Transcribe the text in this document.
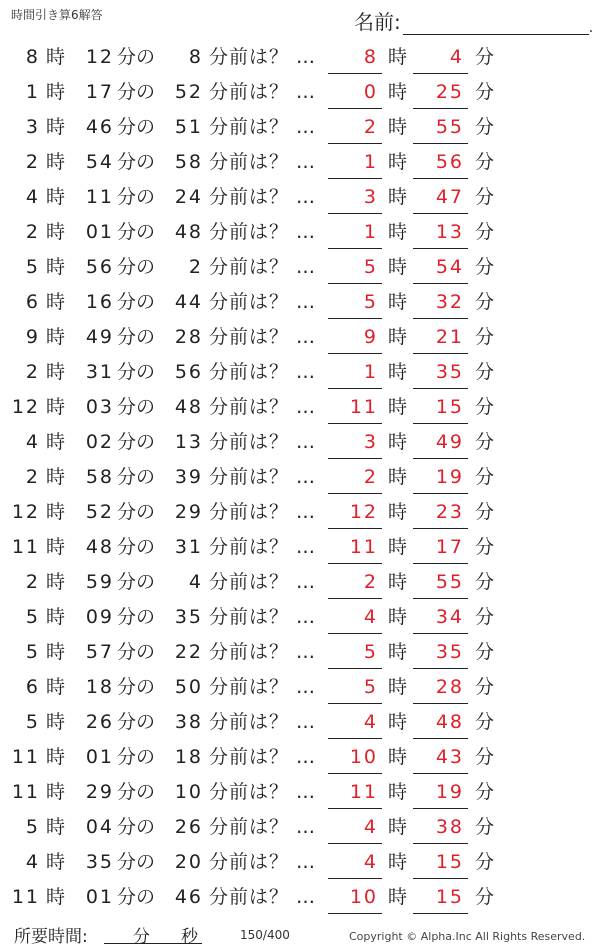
時間引き算6解答	名前:	.
8 時	12 分の	8 分前は？ …	8 時 4 分
1 時	17 分の	52 分前は？ …	0 時 25 分
3 時	46 分の	51 分前は？ …	2 時 55 分
2 時	54 分の	58 分前は？ …	1 時 56 分
4 時	11 分の	24 分前は？ …	3 時 47 分
2 時	01 分の	48 分前は？ …	1 時 13 分
5 時	56 分の	2 分前は？ …	5 時 54 分
6 時	16 分の	44 分前は？ …	5 時 32 分
9 時	49 分の	28 分前は？ …	9 時 21 分
2 時	31 分の	56 分前は？ …	1 時 35 分
12 時	03 分の	48 分前は？ … 11 時 15 分
4 時	02 分の	13 分前は？ …	3 時 49 分
2 時	58 分の	39 分前は？ …	2 時 19 分
12 時	52 分の	29 分前は？ … 12 時 23 分
11 時	48 分の	31 分前は？ … 11 時 17 分
2 時	59 分の	4 分前は？ …	2 時 55 分
5 時	09 分の	35 分前は？ …	4 時 34 分
5 時	57 分の	22 分前は？ …	5 時 35 分
6 時	18 分の	50 分前は？ …	5 時 28 分
5 時	26 分の	38 分前は？ …	4 時 48 分
11 時	01 分の	18 分前は？ … 10 時 43 分
11 時	29 分の	10 分前は？ … 11 時 19 分
5 時	04 分の	26 分前は？ …	4 時 38 分
4 時	35 分の	20 分前は？ …	4 時 15 分
11 時	01 分の	46 分前は？ … 10 時 15 分
所要時間:	分 秒	150/400	Copyright © Alpha.Inc All Rights Reserved.
